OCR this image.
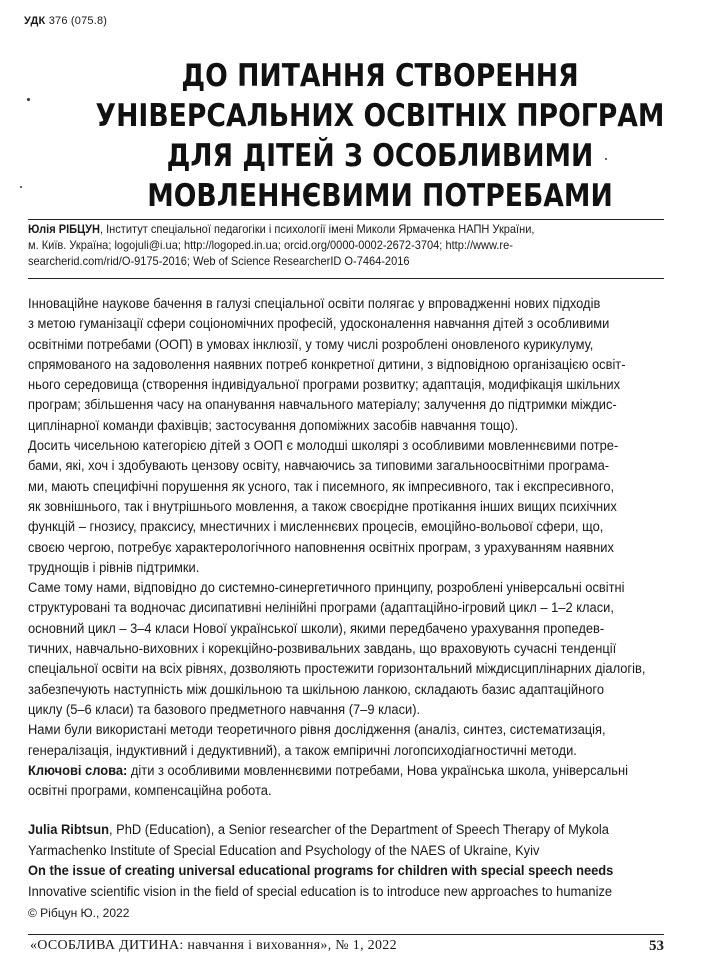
УДК 376 (075.8)
ДО ПИТАННЯ СТВОРЕННЯ
УНІВЕРСАЛЬНИХ ОСВІТНІХ ПРОГРАМ
ДЛЯ ДІТЕЙ З ОСОБЛИВИМИ
МОВЛЕННЄВИМИ ПОТРЕБАМИ
Юлія РІБЦУН, Інститут спеціальної педагогіки і психології імені Миколи Ярмаченка НАПН України,
м. Київ. Україна; logojuli@i.ua; http://logoped.in.ua; orcid.org/0000-0002-2672-3704; http://www.re-
searcherid.com/rid/O-9175-2016; Web of Science ResearcherID O-7464-2016
Інноваційне наукове бачення в галузі спеціальної освіти полягає у впровадженні нових підходів
з метою гуманізації сфери соціономічних професій, удосконалення навчання дітей з особливими
освітніми потребами (ООП) в умовах інклюзії, у тому числі розроблені оновленого курикулуму,
спрямованого на задоволення наявних потреб конкретної дитини, з відповідною організацією освіт-
нього середовища (створення індивідуальної програми розвитку; адаптація, модифікація шкільних
програм; збільшення часу на опанування навчального матеріалу; залучення до підтримки міждис-
циплінарної команди фахівців; застосування допоміжних засобів навчання тощо).
Досить чисельною категорією дітей з ООП є молодші школярі з особливими мовленнєвими потре-
бами, які, хоч і здобувають цензову освіту, навчаючись за типовими загальноосвітніми програма-
ми, мають специфічні порушення як усного, так і писемного, як імпресивного, так і експресивного,
як зовнішнього, так і внутрішнього мовлення, а також своєрідне протікання інших вищих психічних
функцій – гнозису, праксису, мнестичних і мисленнєвих процесів, емоційно-вольової сфери, що,
своєю чергою, потребує характерологічного наповнення освітніх програм, з урахуванням наявних
труднощів і рівнів підтримки.
Саме тому нами, відповідно до системно-синергетичного принципу, розроблені універсальні освітні
структуровані та водночас дисипативні нелінійні програми (адаптаційно-ігровий цикл – 1–2 класи,
основний цикл – 3–4 класи Нової української школи), якими передбачено урахування пропедев-
тичних, навчально-виховних і корекційно-розвивальних завдань, що враховують сучасні тенденції
спеціальної освіти на всіх рівнях, дозволяють простежити горизонтальний міждисциплінарних діалогів,
забезпечують наступність між дошкільною та шкільною ланкою, складають базис адаптаційного
циклу (5–6 класи) та базового предметного навчання (7–9 класи).
Нами були використані методи теоретичного рівня дослідження (аналіз, синтез, систематизація,
генералізація, індуктивний і дедуктивний), а також емпіричні логопсиходіагностичні методи.
Ключові слова: діти з особливими мовленнєвими потребами, Нова українська школа, універсальні
освітні програми, компенсаційна робота.
Julia Ribtsun, PhD (Education), a Senior researcher of the Department of Speech Therapy of Mykola
Yarmachenko Institute of Special Education and Psychology of the NAES of Ukraine, Kyiv
On the issue of creating universal educational programs for children with special speech needs
Innovative scientific vision in the field of special education is to introduce new approaches to humanize
© Рібцун Ю., 2022
«ОСОБЛИВА ДИТИНА: навчання і виховання», № 1, 2022	53
